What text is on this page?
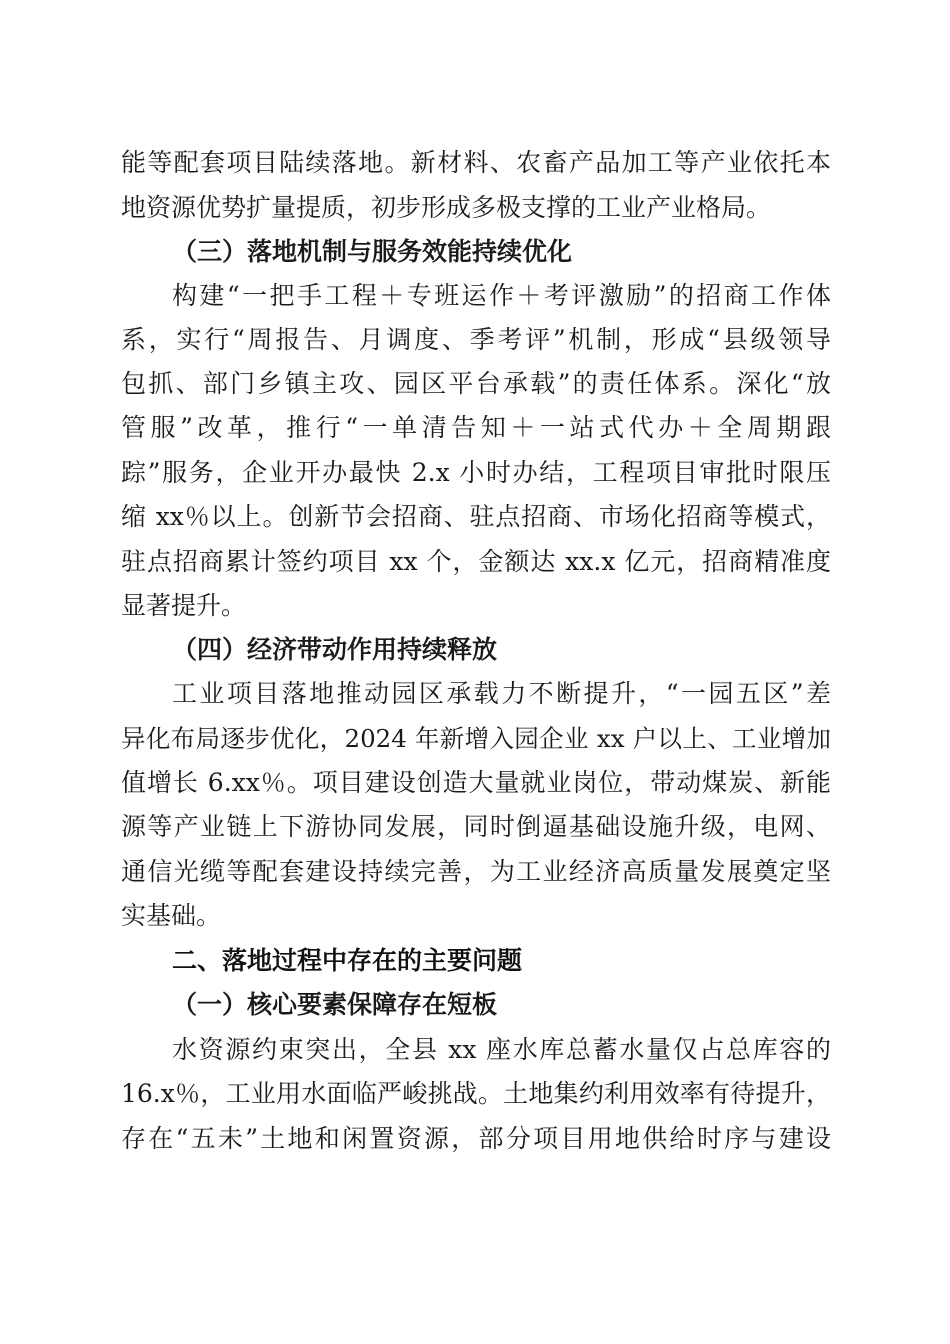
能等配套项目陆续落地。新材料、农畜产品加工等产业依托本
地资源优势扩量提质，初步形成多极支撑的工业产业格局。
（三）落地机制与服务效能持续优化
构建“一把手工程＋专班运作＋考评激励”的招商工作体
系，实行“周报告、月调度、季考评”机制，形成“县级领导
包抓、部门乡镇主攻、园区平台承载”的责任体系。深化“放
管服”改革，推行“一单清告知＋一站式代办＋全周期跟
踪”服务，企业开办最快 2.x 小时办结，工程项目审批时限压
缩 xx％以上。创新节会招商、驻点招商、市场化招商等模式，
驻点招商累计签约项目 xx 个，金额达 xx.x 亿元，招商精准度
显著提升。
（四）经济带动作用持续释放
工业项目落地推动园区承载力不断提升，“一园五区”差
异化布局逐步优化，2024 年新增入园企业 xx 户以上、工业增加
值增长 6.xx％。项目建设创造大量就业岗位，带动煤炭、新能
源等产业链上下游协同发展，同时倒逼基础设施升级，电网、
通信光缆等配套建设持续完善，为工业经济高质量发展奠定坚
实基础。
二、落地过程中存在的主要问题
（一）核心要素保障存在短板
水资源约束突出，全县 xx 座水库总蓄水量仅占总库容的
16.x％，工业用水面临严峻挑战。土地集约利用效率有待提升，
存在“五未”土地和闲置资源，部分项目用地供给时序与建设
